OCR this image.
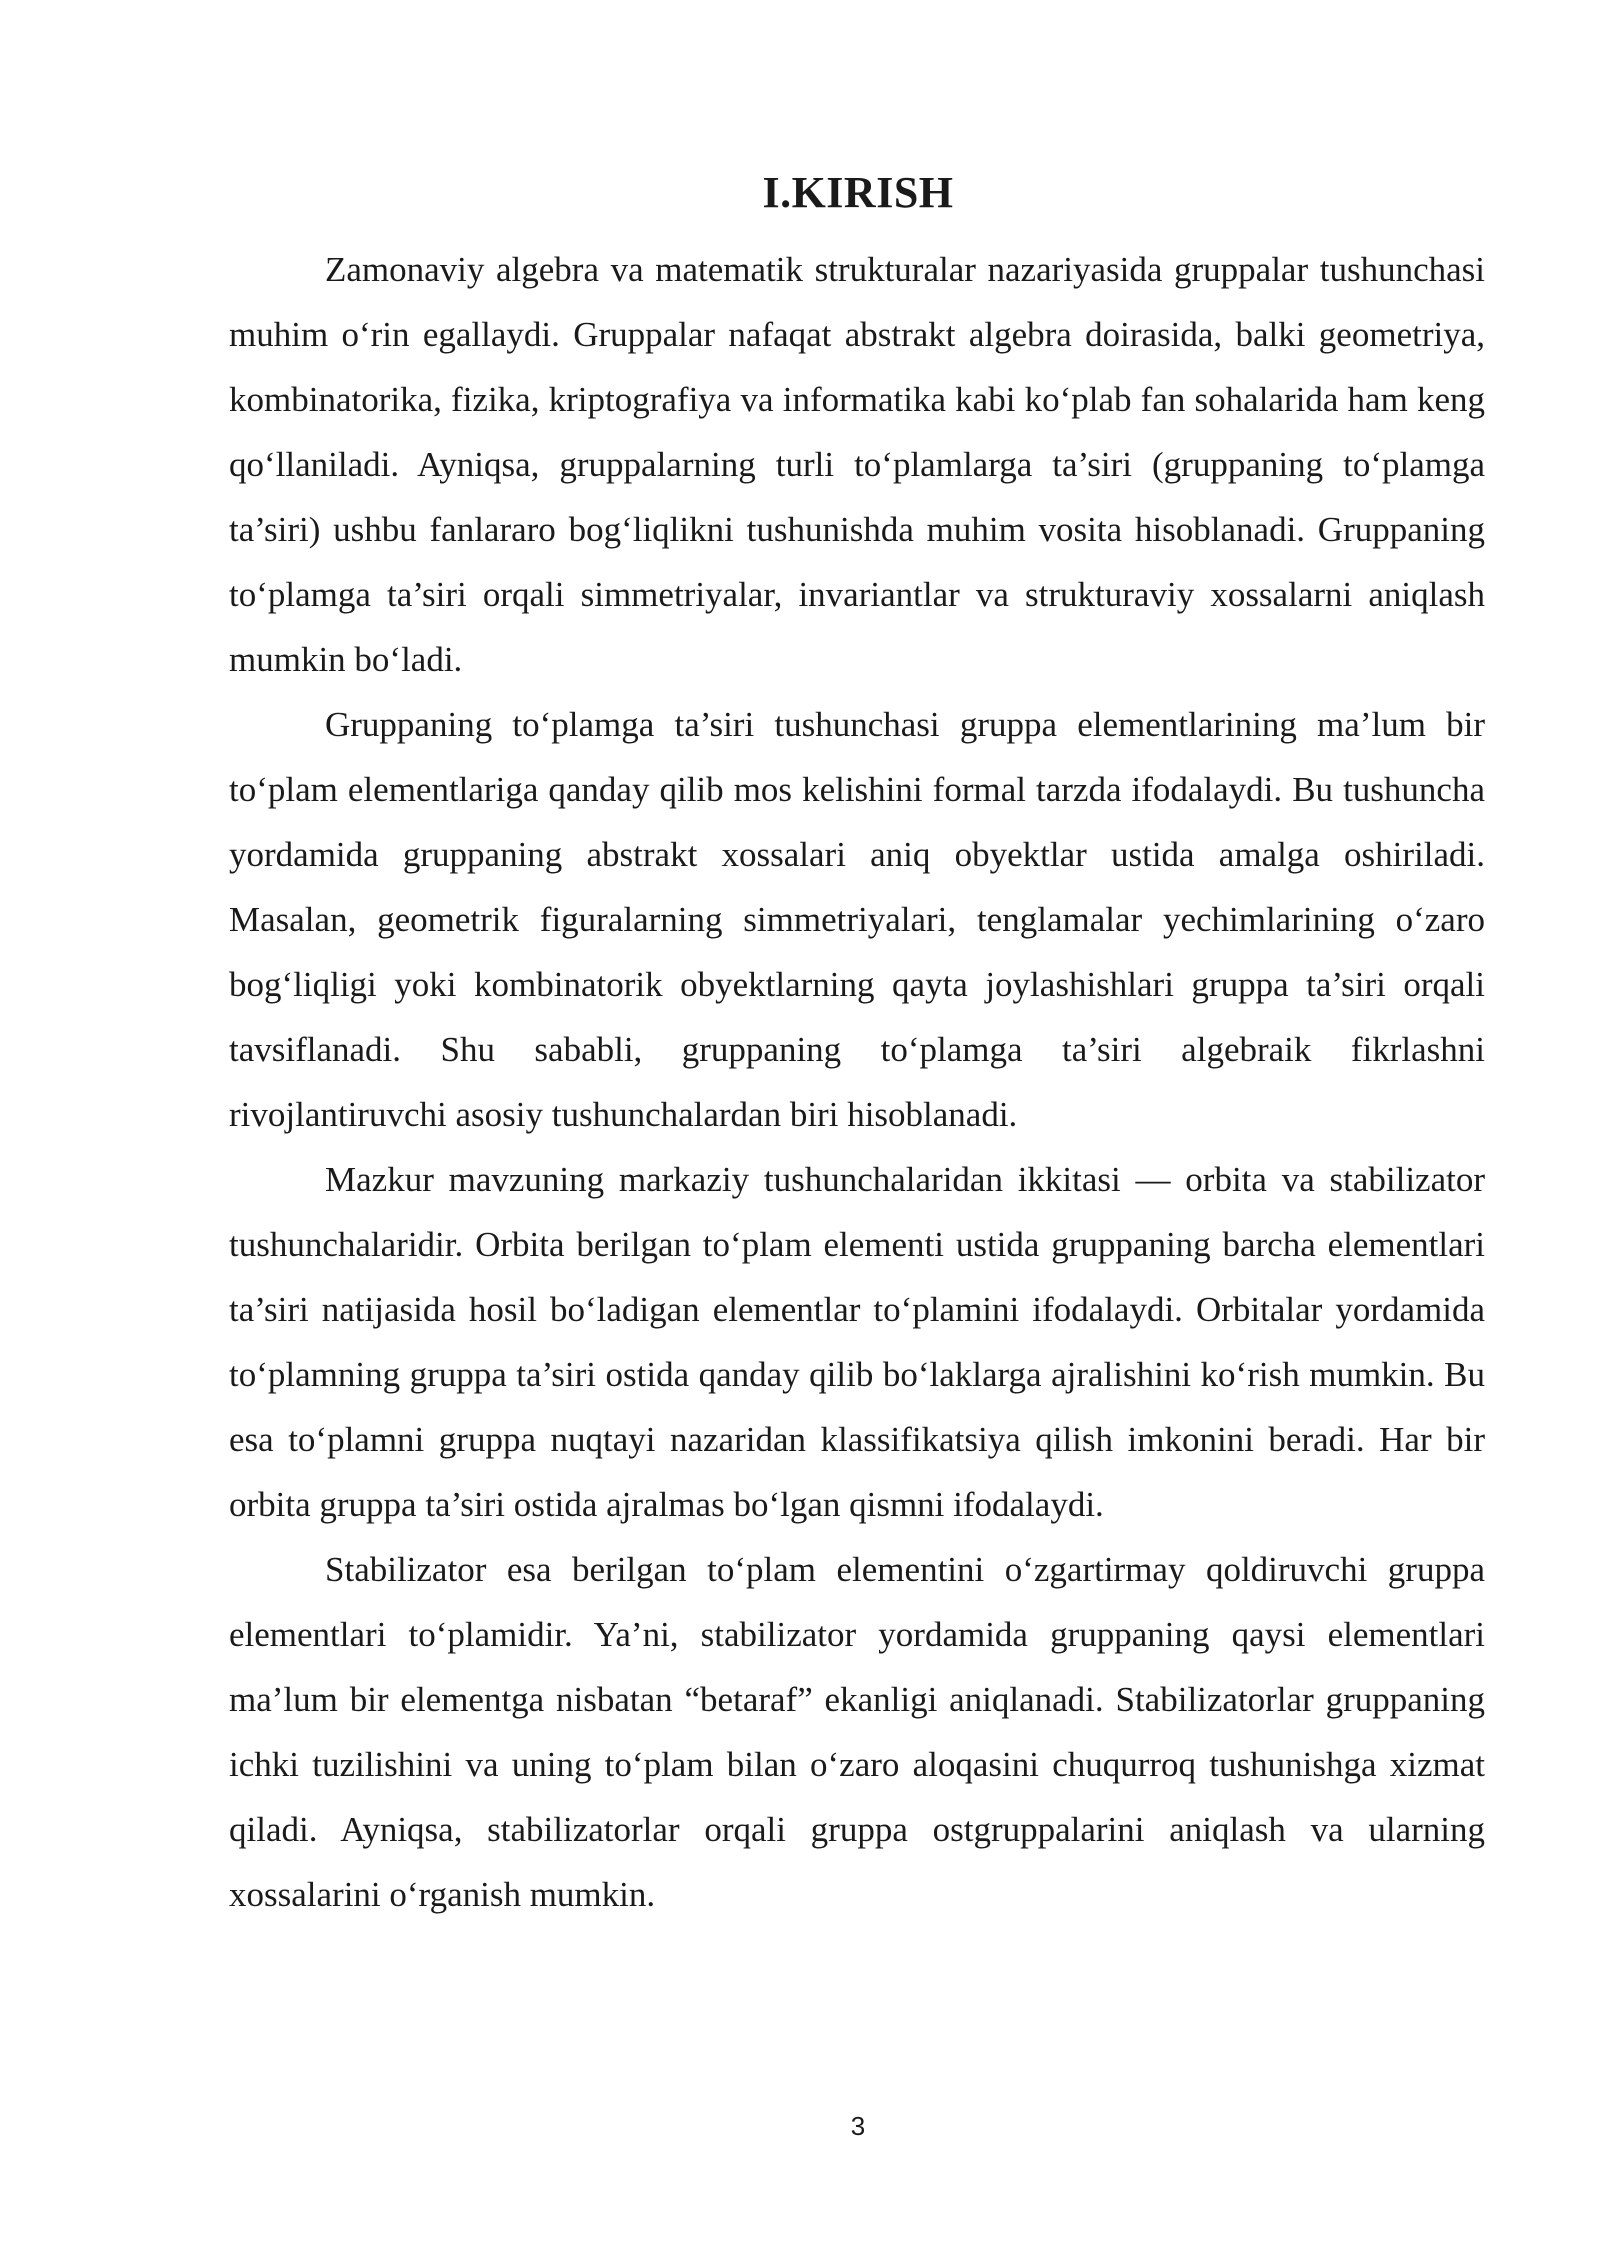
I.KIRISH

Zamonaviy algebra va matematik strukturalar nazariyasida gruppalar tushunchasi muhim o‘rin egallaydi. Gruppalar nafaqat abstrakt algebra doirasida, balki geometriya, kombinatorika, fizika, kriptografiya va informatika kabi ko‘plab fan sohalarida ham keng qo‘llaniladi. Ayniqsa, gruppalarning turli to‘plamlarga ta’siri (gruppaning to‘plamga ta’siri) ushbu fanlararo bog‘liqlikni tushunishda muhim vosita hisoblanadi. Gruppaning to‘plamga ta’siri orqali simmetriyalar, invariantlar va strukturaviy xossalarni aniqlash mumkin bo‘ladi.

Gruppaning to‘plamga ta’siri tushunchasi gruppa elementlarining ma’lum bir to‘plam elementlariga qanday qilib mos kelishini formal tarzda ifodalaydi. Bu tushuncha yordamida gruppaning abstrakt xossalari aniq obyektlar ustida amalga oshiriladi. Masalan, geometrik figuralarning simmetriyalari, tenglamalar yechimlarining o‘zaro bog‘liqligi yoki kombinatorik obyektlarning qayta joylashishlari gruppa ta’siri orqali tavsiflanadi. Shu sababli, gruppaning to‘plamga ta’siri algebraik fikrlashni rivojlantiruvchi asosiy tushunchalardan biri hisoblanadi.

Mazkur mavzuning markaziy tushunchalaridan ikkitasi — orbita va stabilizator tushunchalaridir. Orbita berilgan to‘plam elementi ustida gruppaning barcha elementlari ta’siri natijasida hosil bo‘ladigan elementlar to‘plamini ifodalaydi. Orbitalar yordamida to‘plamning gruppa ta’siri ostida qanday qilib bo‘laklarga ajralishini ko‘rish mumkin. Bu esa to‘plamni gruppa nuqtayi nazaridan klassifikatsiya qilish imkonini beradi. Har bir orbita gruppa ta’siri ostida ajralmas bo‘lgan qismni ifodalaydi.

Stabilizator esa berilgan to‘plam elementini o‘zgartirmay qoldiruvchi gruppa elementlari to‘plamidir. Ya’ni, stabilizator yordamida gruppaning qaysi elementlari ma’lum bir elementga nisbatan “betaraf” ekanligi aniqlanadi. Stabilizatorlar gruppaning ichki tuzilishini va uning to‘plam bilan o‘zaro aloqasini chuqurroq tushunishga xizmat qiladi. Ayniqsa, stabilizatorlar orqali gruppa ostgruppalarini aniqlash va ularning xossalarini o‘rganish mumkin.

3
